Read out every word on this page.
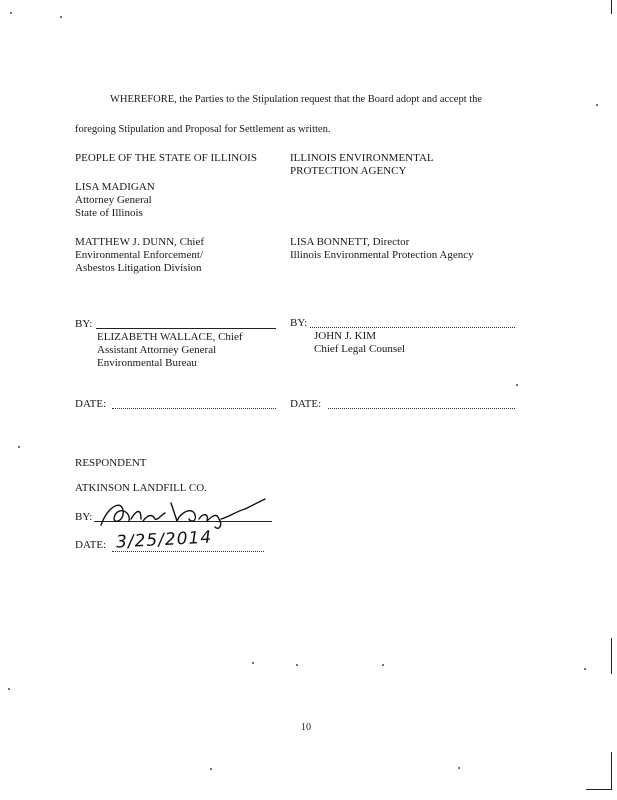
WHEREFORE, the Parties to the Stipulation request that the Board adopt and accept the
foregoing Stipulation and Proposal for Settlement as written.
PEOPLE OF THE STATE OF ILLINOIS
LISA MADIGAN
Attorney General
State of Illinois
MATTHEW J. DUNN, Chief
Environmental Enforcement/
Asbestos Litigation Division
BY:
ELIZABETH WALLACE, Chief
Assistant Attorney General
Environmental Bureau
DATE:
ILLINOIS ENVIRONMENTAL
PROTECTION AGENCY
LISA BONNETT, Director
Illinois Environmental Protection Agency
BY:
JOHN J. KIM
Chief Legal Counsel
DATE:
RESPONDENT
ATKINSON LANDFILL CO.
BY:
DATE: 3/25/2014
10
